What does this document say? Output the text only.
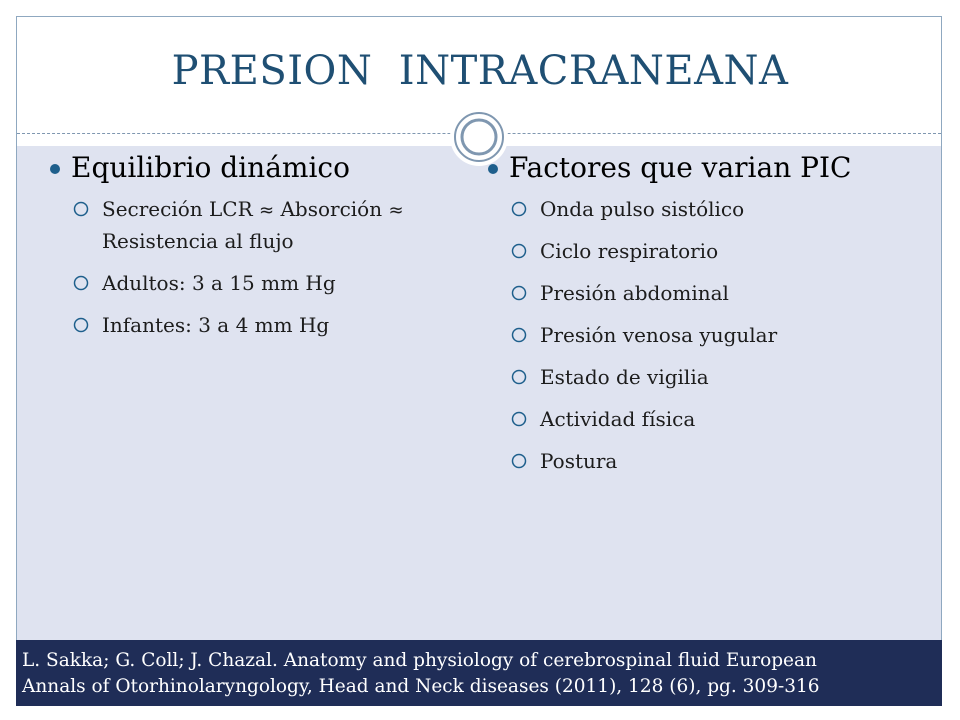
PRESION  INTRACRANEANA
Equilibrio dinámico
Secreción LCR ≈ Absorción ≈ Resistencia al flujo
Adultos: 3 a 15 mm Hg
Infantes: 3 a 4 mm Hg
Factores que varian PIC
Onda pulso sistólico
Ciclo respiratorio
Presión abdominal
Presión venosa yugular
Estado de vigilia
Actividad física
Postura
L. Sakka; G. Coll; J. Chazal. Anatomy and physiology of cerebrospinal fluid European
Annals of Otorhinolaryngology, Head and Neck diseases (2011), 128 (6), pg. 309-316
